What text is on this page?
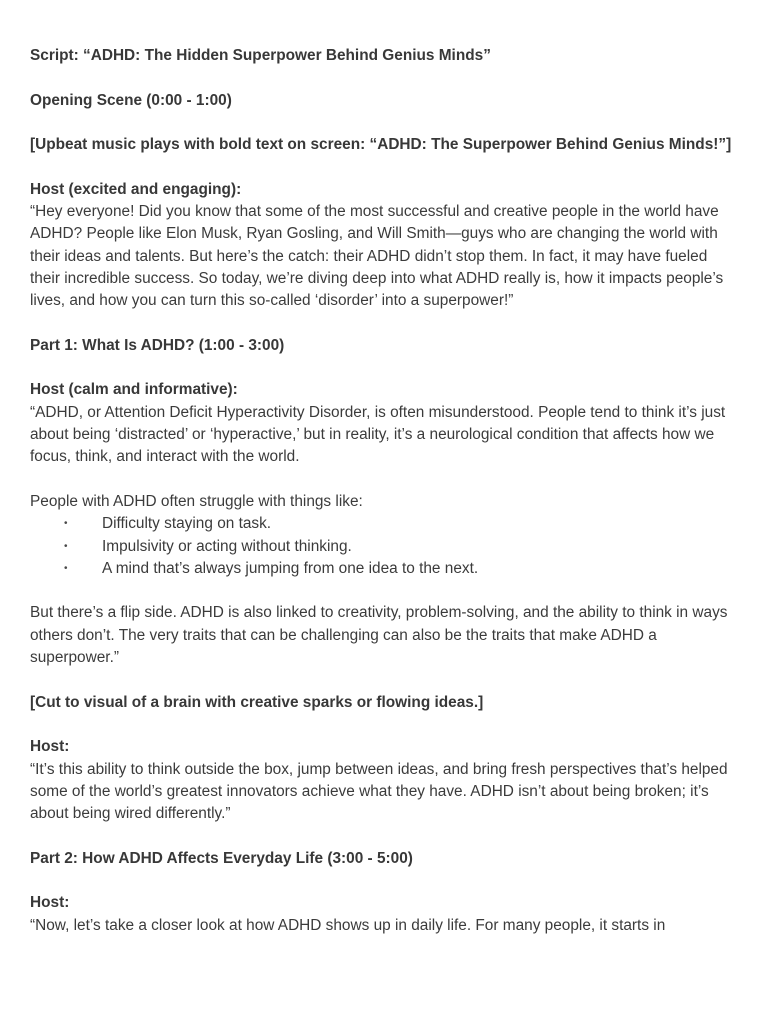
Script: “ADHD: The Hidden Superpower Behind Genius Minds”

Opening Scene (0:00 - 1:00)

[Upbeat music plays with bold text on screen: “ADHD: The Superpower Behind Genius Minds!”]

Host (excited and engaging):

“Hey everyone! Did you know that some of the most successful and creative people in the world have ADHD? People like Elon Musk, Ryan Gosling, and Will Smith—guys who are changing the world with their ideas and talents. But here’s the catch: their ADHD didn’t stop them. In fact, it may have fueled their incredible success. So today, we’re diving deep into what ADHD really is, how it impacts people’s lives, and how you can turn this so-called ‘disorder’ into a superpower!”

Part 1: What Is ADHD? (1:00 - 3:00)

Host (calm and informative):

“ADHD, or Attention Deficit Hyperactivity Disorder, is often misunderstood. People tend to think it’s just about being ‘distracted’ or ‘hyperactive,’ but in reality, it’s a neurological condition that affects how we focus, think, and interact with the world.

People with ADHD often struggle with things like:

• Difficulty staying on task.
• Impulsivity or acting without thinking.
• A mind that’s always jumping from one idea to the next.

But there’s a flip side. ADHD is also linked to creativity, problem-solving, and the ability to think in ways others don’t. The very traits that can be challenging can also be the traits that make ADHD a superpower.”

[Cut to visual of a brain with creative sparks or flowing ideas.]

Host:

“It’s this ability to think outside the box, jump between ideas, and bring fresh perspectives that’s helped some of the world’s greatest innovators achieve what they have. ADHD isn’t about being broken; it’s about being wired differently.”

Part 2: How ADHD Affects Everyday Life (3:00 - 5:00)

Host:

“Now, let’s take a closer look at how ADHD shows up in daily life. For many people, it starts in
